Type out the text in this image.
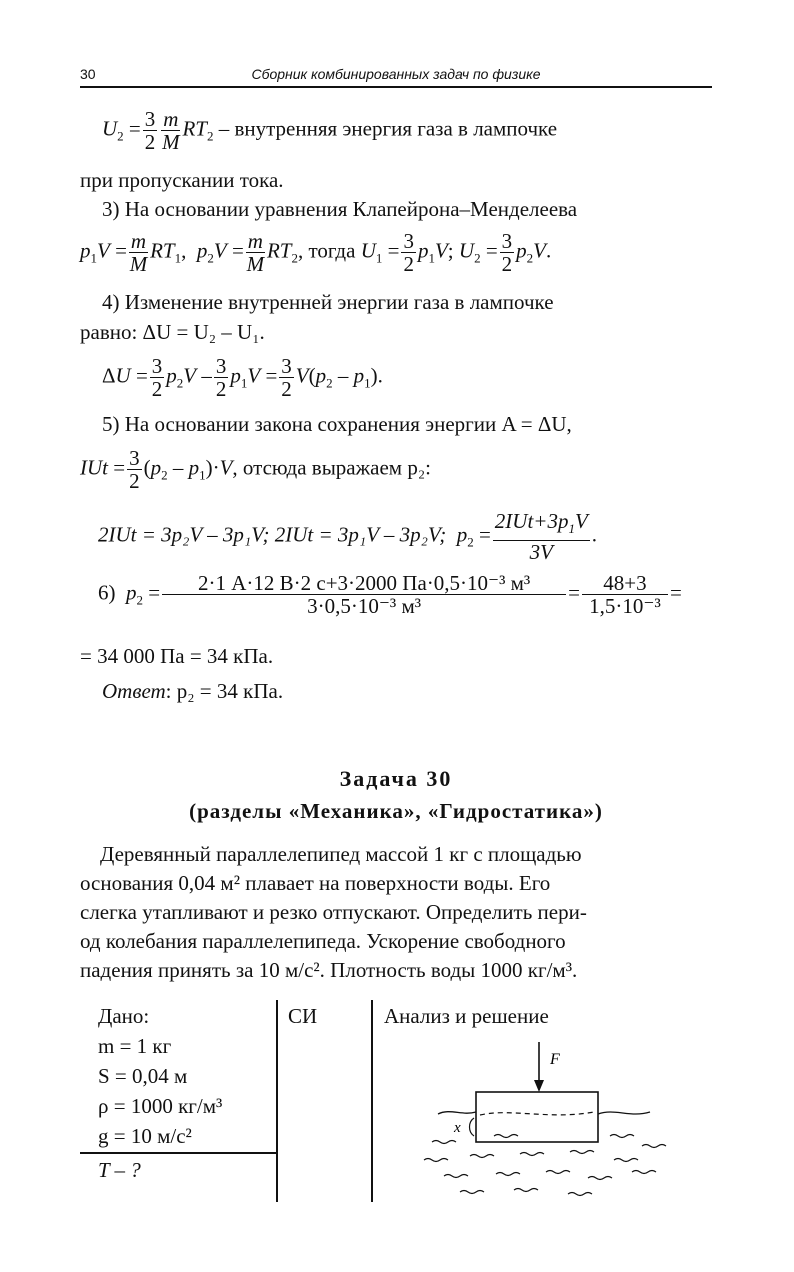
30	Сборник комбинированных задач по физике
$U_2 = \frac{3}{2} \frac{m}{M} RT_2$ – внутренняя энергия газа в лампочке
при пропускании тока.
3) На основании уравнения Клапейрона–Менделеева
$p_1V = \frac{m}{M} RT_1$,  $p_2V = \frac{m}{M} RT_2$, тогда $U_1 = \frac{3}{2} p_1V$; $U_2 = \frac{3}{2} p_2V$.
4) Изменение внутренней энергии газа в лампочке
равно: ΔU = U₂ – U₁.
$\Delta U = \frac{3}{2} p_2V - \frac{3}{2} p_1V = \frac{3}{2} V(p_2 - p_1)$.
5) На основании закона сохранения энергии A = ΔU,
IUt = $\frac{3}{2} (p_2 - p_1)\cdot V$, отсюда выражаем p₂:
2IUt = 3p₂V – 3p₁V; 2IUt = 3p₁V – 3p₂V; $p_2$ =
$2IUt+3p_1V$
3V
.
6)  $p_2$ =	2·1 А·12 В·2 с+3·2000 Па·0,5·10⁻³ м³
3·0,5·10⁻³ м³
= $\frac{48+3}{\text{1,5·10⁻³}}$ =
= 34 000 Па = 34 кПа.
Ответ: p₂ = 34 кПа.
Задача 30
(разделы «Механика», «Гидростатика»)
Деревянный параллелепипед массой 1 кг с площадью
основания 0,04 м² плавает на поверхности воды. Его
слегка утапливают и резко отпускают. Определить пери-
од колебания параллелепипеда. Ускорение свободного
падения принять за 10 м/с². Плотность воды 1000 кг/м³.
Дано:	СИ	Анализ и решение
m = 1 кг
S = 0,04 м
ρ = 1000 кг/м³
g = 10 м/с²
T – ?
F
x
